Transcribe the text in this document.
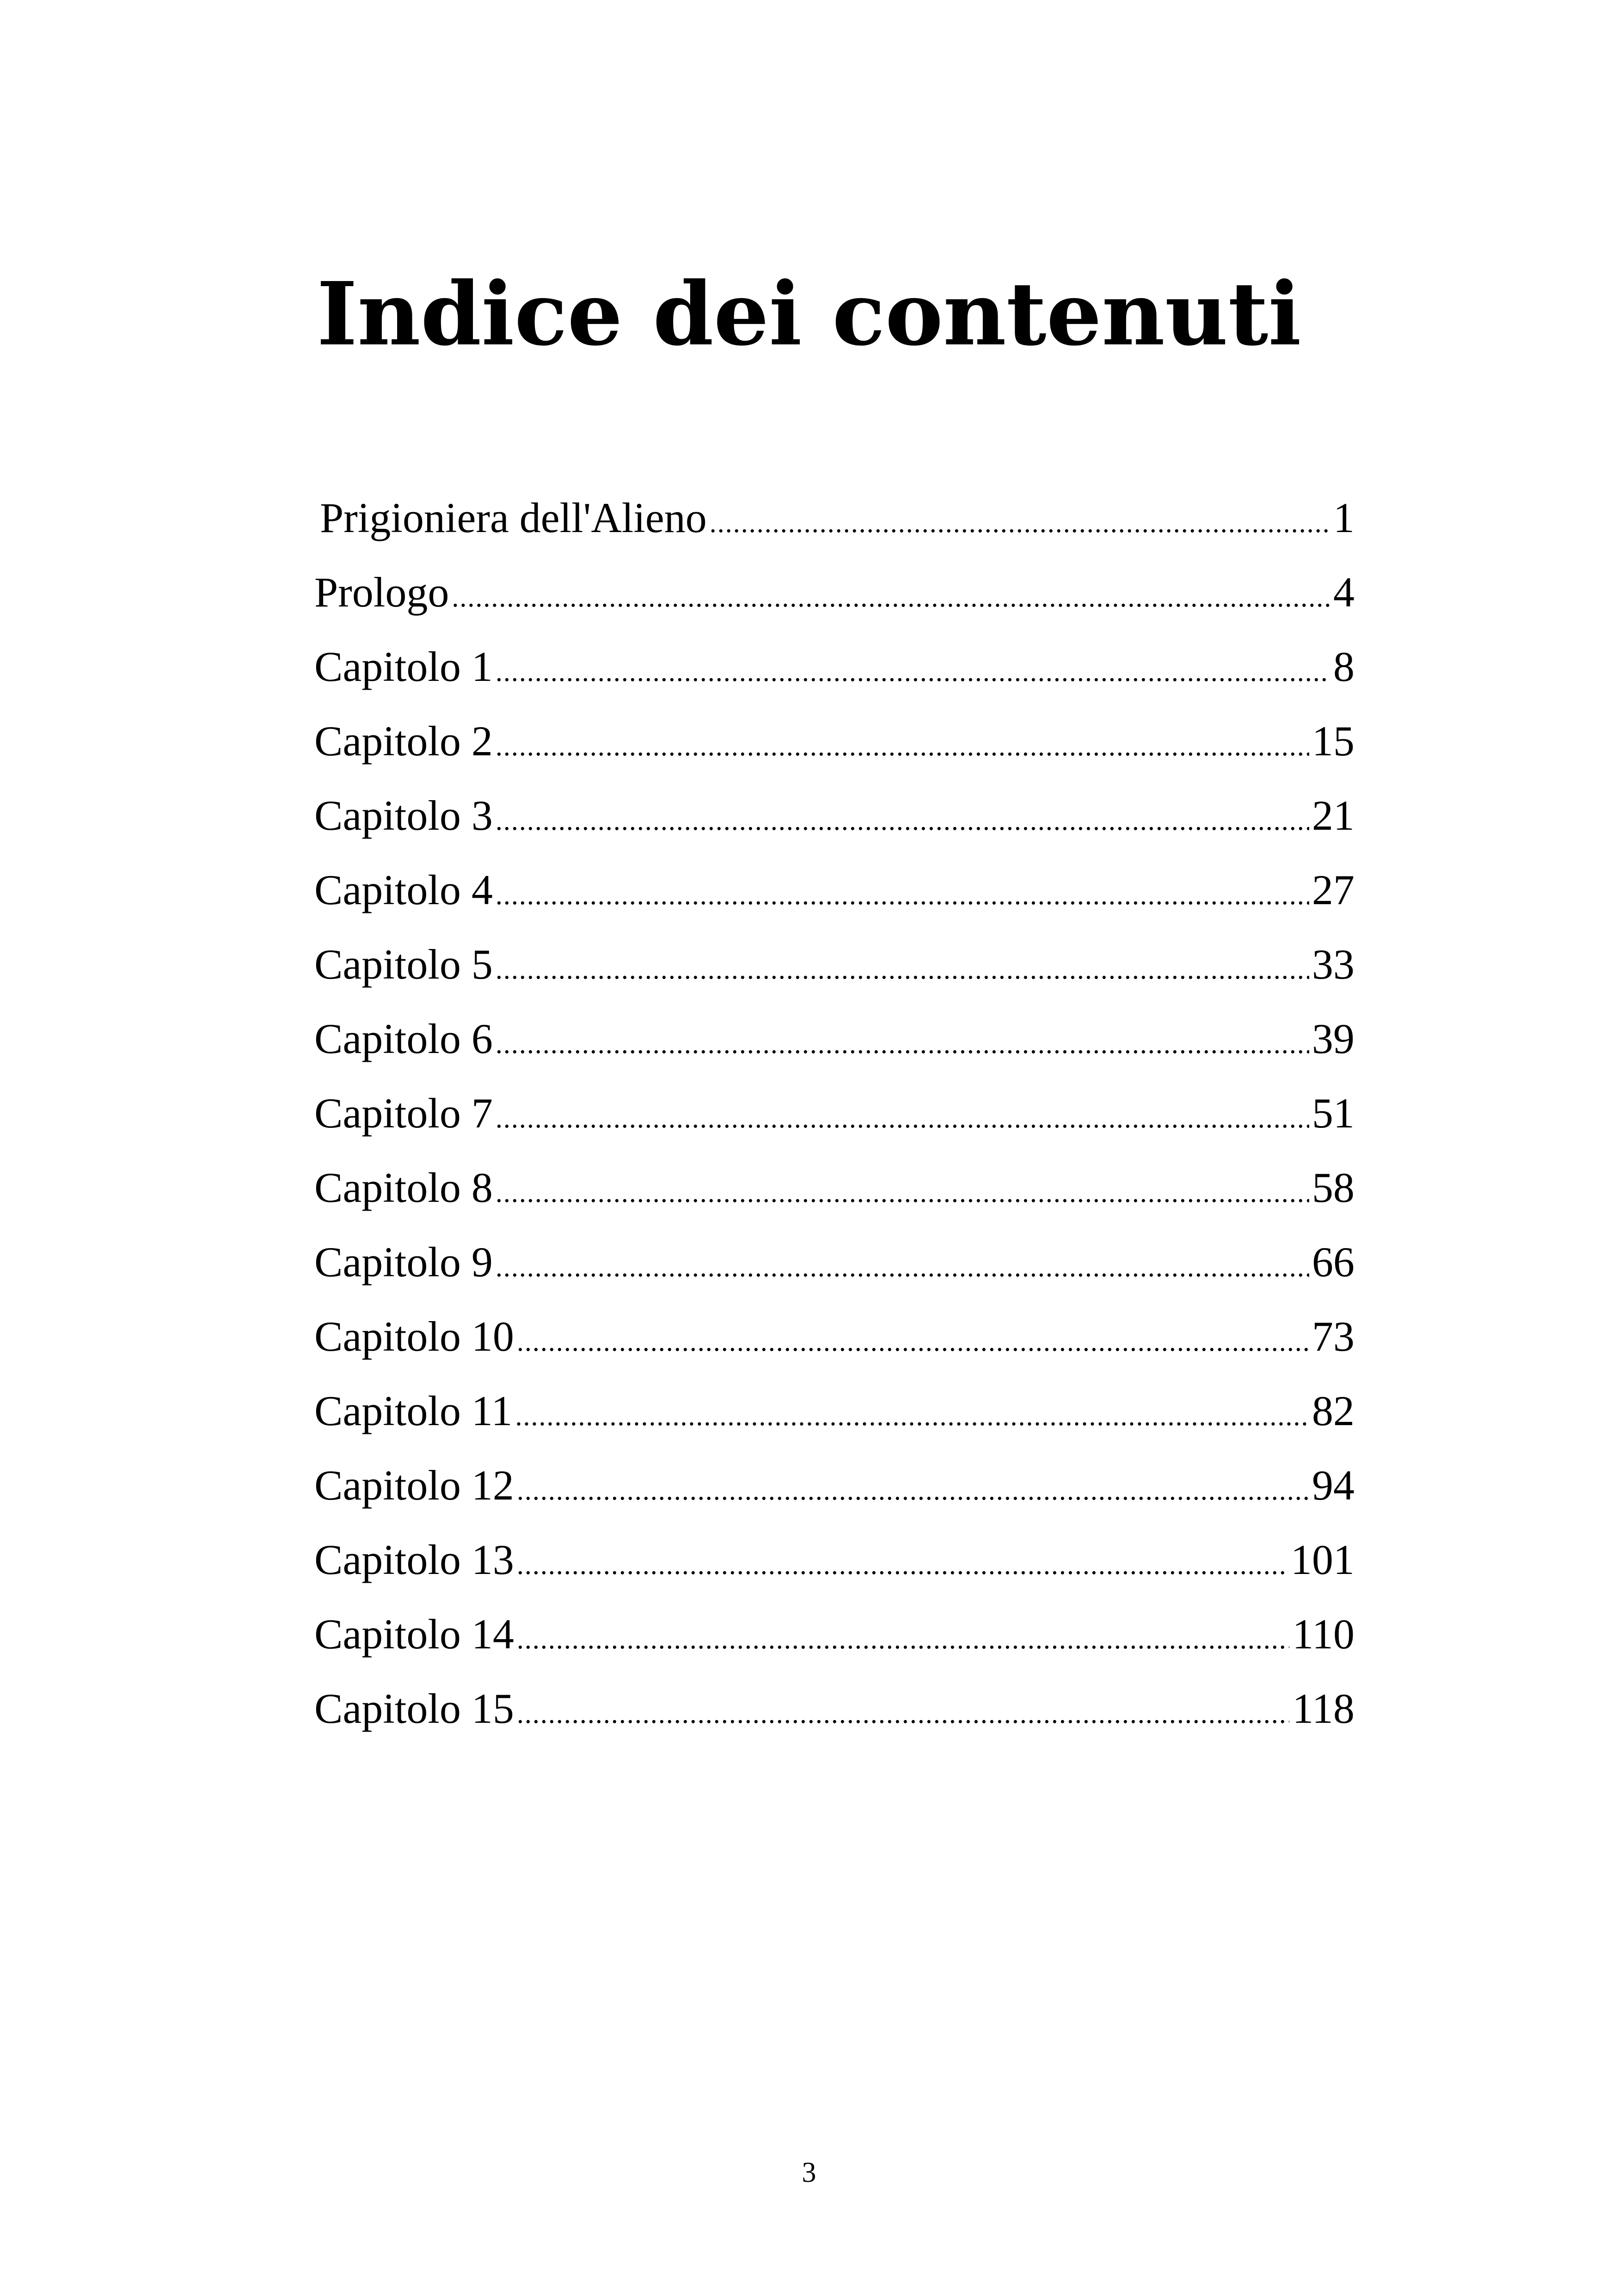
Indice dei contenuti
Prigioniera dell'Alieno .....	1
Prologo .....	4
Capitolo 1 .....	8
Capitolo 2 .....	15
Capitolo 3 .....	21
Capitolo 4 .....	27
Capitolo 5 .....	33
Capitolo 6 .....	39
Capitolo 7 .....	51
Capitolo 8 .....	58
Capitolo 9 .....	66
Capitolo 10 .....	73
Capitolo 11 .....	82
Capitolo 12 .....	94
Capitolo 13 .....	101
Capitolo 14 .....	110
Capitolo 15 .....	118
3
